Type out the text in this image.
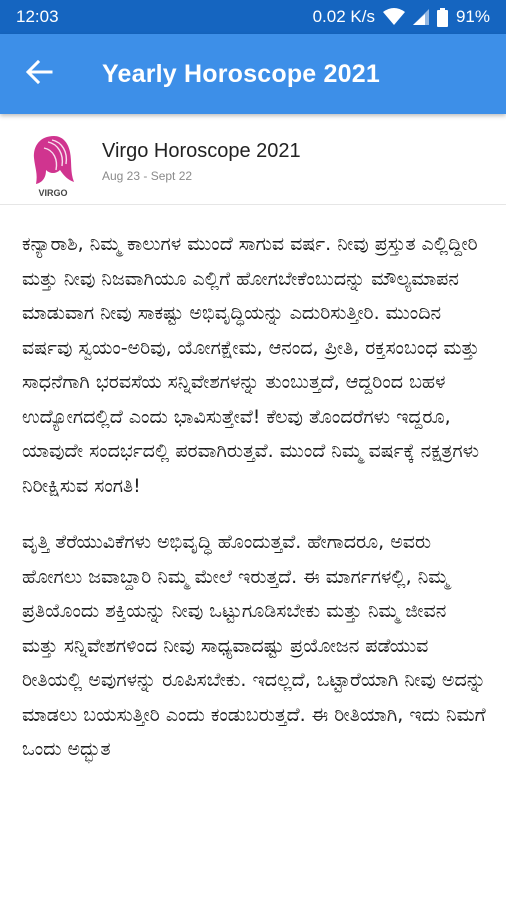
12:03	0.02 K/s	91%
Yearly Horoscope 2021
VIRGO
Virgo Horoscope 2021
Aug 23 - Sept 22

ಕನ್ಯಾರಾಶಿ, ನಿಮ್ಮ ಕಾಲುಗಳ ಮುಂದೆ ಸಾಗುವ ವರ್ಷ. ನೀವು ಪ್ರಸ್ತುತ ಎಲ್ಲಿದ್ದೀರಿ ಮತ್ತು ನೀವು ನಿಜವಾಗಿಯೂ ಎಲ್ಲಿಗೆ ಹೋಗಬೇಕೆಂಬುದನ್ನು ಮೌಲ್ಯಮಾಪನ ಮಾಡುವಾಗ ನೀವು ಸಾಕಷ್ಟು ಅಭಿವೃದ್ಧಿಯನ್ನು ಎದುರಿಸುತ್ತೀರಿ. ಮುಂದಿನ ವರ್ಷವು ಸ್ವಯಂ-ಅರಿವು, ಯೋಗಕ್ಷೇಮ, ಆನಂದ, ಪ್ರೀತಿ, ರಕ್ತಸಂಬಂಧ ಮತ್ತು ಸಾಧನೆಗಾಗಿ ಭರವಸೆಯ ಸನ್ನಿವೇಶಗಳನ್ನು ತುಂಬುತ್ತದೆ, ಆದ್ದರಿಂದ ಬಹಳ ಉದ್ಯೋಗದಲ್ಲಿದೆ ಎಂದು ಭಾವಿಸುತ್ತೇವೆ! ಕೆಲವು ತೊಂದರೆಗಳು ಇದ್ದರೂ, ಯಾವುದೇ ಸಂದರ್ಭದಲ್ಲಿ ಪರವಾಗಿರುತ್ತವೆ. ಮುಂದೆ ನಿಮ್ಮ ವರ್ಷಕ್ಕೆ ನಕ್ಷತ್ರಗಳು ನಿರೀಕ್ಷಿಸುವ ಸಂಗತಿ!

ವೃತ್ತಿ ತೆರೆಯುವಿಕೆಗಳು ಅಭಿವೃದ್ಧಿ ಹೊಂದುತ್ತವೆ. ಹೇಗಾದರೂ, ಅವರು ಹೋಗಲು ಜವಾಬ್ದಾರಿ ನಿಮ್ಮ ಮೇಲೆ ಇರುತ್ತದೆ. ಈ ಮಾರ್ಗಗಳಲ್ಲಿ, ನಿಮ್ಮ ಪ್ರತಿಯೊಂದು ಶಕ್ತಿಯನ್ನು ನೀವು ಒಟ್ಟುಗೂಡಿಸಬೇಕು ಮತ್ತು ನಿಮ್ಮ ಜೀವನ ಮತ್ತು ಸನ್ನಿವೇಶಗಳಿಂದ ನೀವು ಸಾಧ್ಯವಾದಷ್ಟು ಪ್ರಯೋಜನ ಪಡೆಯುವ ರೀತಿಯಲ್ಲಿ ಅವುಗಳನ್ನು ರೂಪಿಸಬೇಕು. ಇದಲ್ಲದೆ, ಒಟ್ಟಾರೆಯಾಗಿ ನೀವು ಅದನ್ನು ಮಾಡಲು ಬಯಸುತ್ತೀರಿ ಎಂದು ಕಂಡುಬರುತ್ತದೆ. ಈ ರೀತಿಯಾಗಿ, ಇದು ನಿಮಗೆ ಒಂದು ಅದ್ಭುತ
